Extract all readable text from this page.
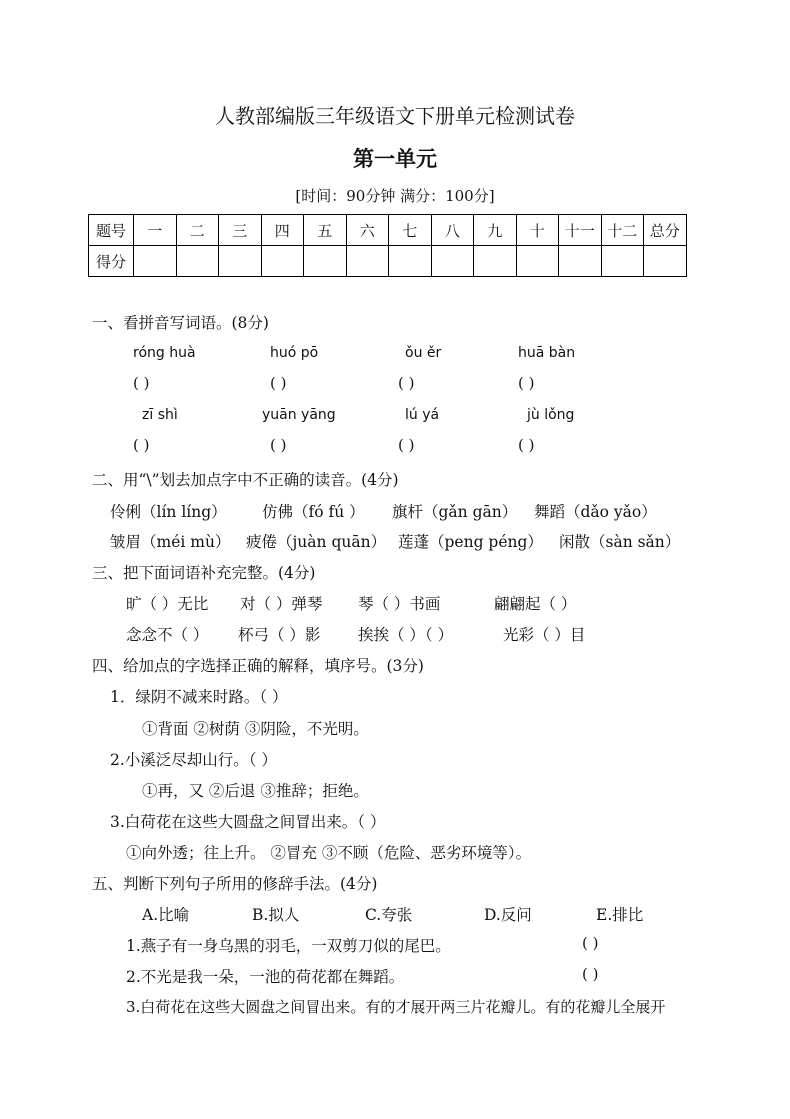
人教部编版三年级语文下册单元检测试卷
第一单元
[时间：90分钟 满分：100分]
题号	一	二	三	四	五	六	七	八	九	十	十一	十二	总分
得分													
一、看拼音写词语。(8分)
róng huà	huó pō	ǒu ěr	huā bàn
( )	( )	( )	( )
zī shì	yuān yāng	lú yá	jù lǒng
( )	( )	( )	( )
二、用“\”划去加点字中不正确的读音。(4分)
伶俐（lín líng） 仿佛（fó fú ） 旗杆（gǎn gān） 舞蹈（dǎo yǎo）
皱眉（méi mù） 疲倦（juàn quān） 莲蓬（peng péng） 闲散（sàn sǎn）
三、把下面词语补充完整。(4分)
旷（ ）无比 对（ ）弹琴 琴（ ）书画	翩翩起（ ）
念念不（ ） 杯弓（ ）影 挨挨（ ）（ ）	光彩（ ）目
四、给加点的字选择正确的解释，填序号。(3分)
1．绿阴不减来时路。（ ）
①背面 ②树荫 ③阴险，不光明。
2.小溪泛尽却山行。（ ）
①再，又 ②后退 ③推辞；拒绝。
3.白荷花在这些大圆盘之间冒出来。（ ）
①向外透；往上升。 ②冒充 ③不顾（危险、恶劣环境等）。
五、判断下列句子所用的修辞手法。(4分)
A.比喻	B.拟人	C.夸张	D.反问	E.排比
1.燕子有一身乌黑的羽毛，一双剪刀似的尾巴。	( )
2.不光是我一朵，一池的荷花都在舞蹈。	( )
3.白荷花在这些大圆盘之间冒出来。有的才展开两三片花瓣儿。有的花瓣儿全展开
